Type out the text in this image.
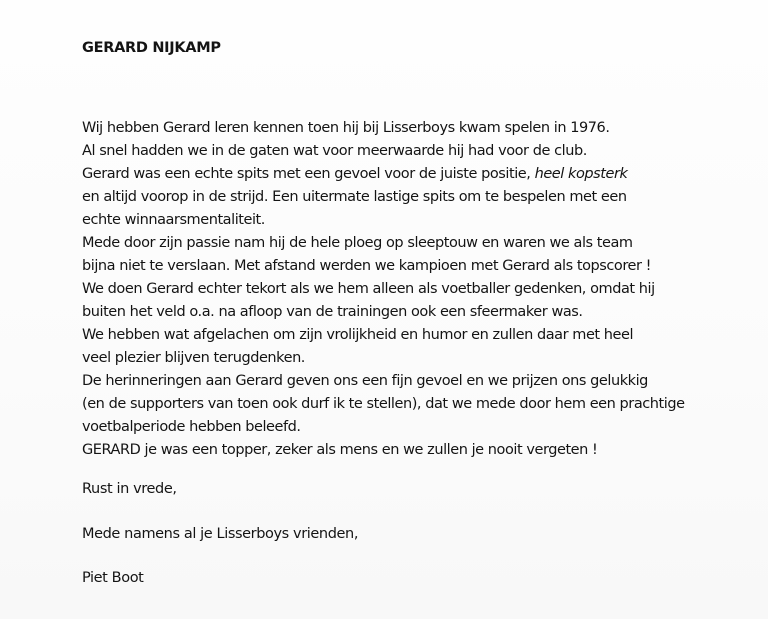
GERARD NIJKAMP
Wij hebben Gerard leren kennen toen hij bij Lisserboys kwam spelen in 1976.
Al snel hadden we in de gaten wat voor meerwaarde hij had voor de club.
Gerard was een echte spits met een gevoel voor de juiste positie, heel kopsterk
en altijd voorop in de strijd. Een uitermate lastige spits om te bespelen met een
echte winnaarsmentaliteit.
Mede door zijn passie nam hij de hele ploeg op sleeptouw en waren we als team
bijna niet te verslaan. Met afstand werden we kampioen met Gerard als topscorer !
We doen Gerard echter tekort als we hem alleen als voetballer gedenken, omdat hij
buiten het veld o.a. na afloop van de trainingen ook een sfeermaker was.
We hebben wat afgelachen om zijn vrolijkheid en humor en zullen daar met heel
veel plezier blijven terugdenken.
De herinneringen aan Gerard geven ons een fijn gevoel en we prijzen ons gelukkig
(en de supporters van toen ook durf ik te stellen), dat we mede door hem een prachtige
voetbalperiode hebben beleefd.
GERARD je was een topper, zeker als mens en we zullen je nooit vergeten !
Rust in vrede,
Mede namens al je Lisserboys vrienden,
Piet Boot
